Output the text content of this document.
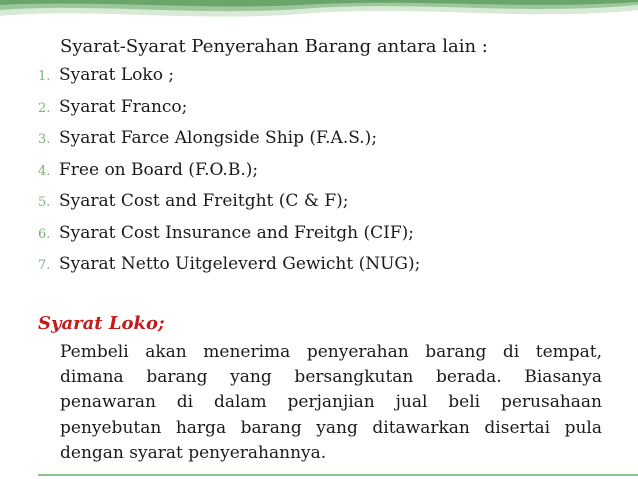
Syarat-Syarat Penyerahan Barang antara lain :
1. Syarat Loko ;
2. Syarat Franco;
3. Syarat Farce Alongside Ship (F.A.S.);
4. Free on Board (F.O.B.);
5. Syarat Cost and Freitght (C & F);
6. Syarat Cost Insurance and Freitgh (CIF);
7. Syarat Netto Uitgeleverd Gewicht (NUG);
Syarat Loko;

Pembeli akan menerima penyerahan barang di tempat,
dimana barang yang bersangkutan berada. Biasanya
penawaran di dalam perjanjian jual beli perusahaan
penyebutan harga barang yang ditawarkan disertai pula
dengan syarat penyerahannya.
